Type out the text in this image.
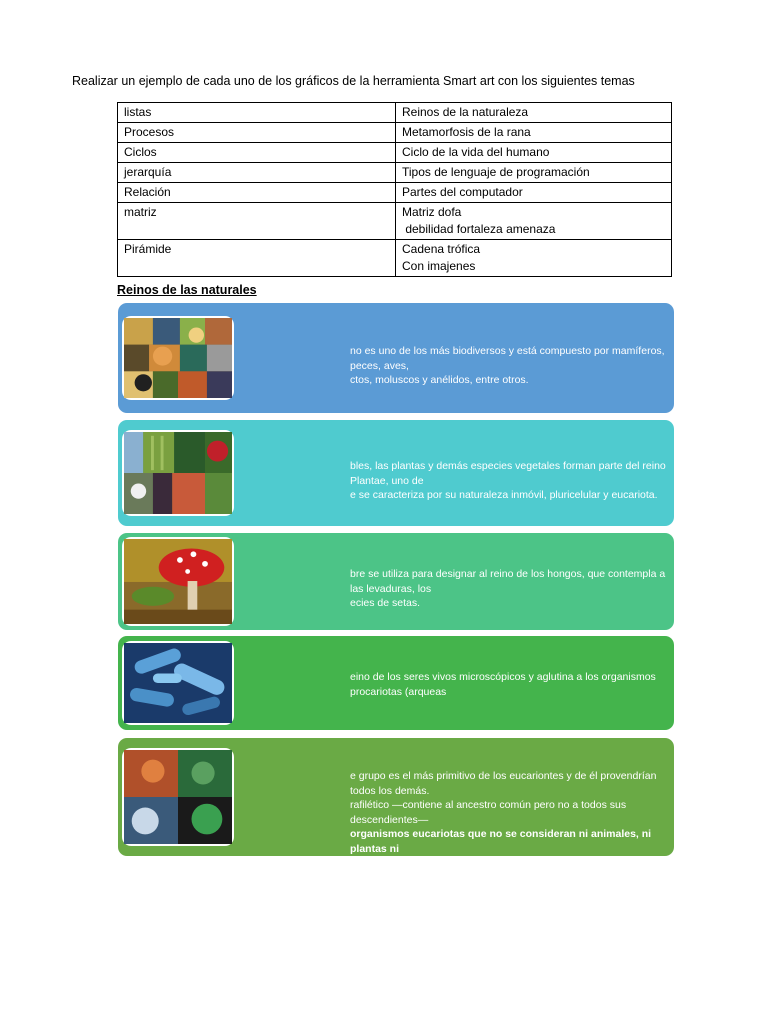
Realizar un ejemplo de cada uno de los gráficos de la herramienta Smart art con los siguientes temas
listas	Reinos de la naturaleza
Procesos	Metamorfosis de la rana
Ciclos	Ciclo de la vida del humano
jerarquía	Tipos de lenguaje de programación
Relación	Partes del computador
matriz	Matriz dofa
debilidad fortaleza amenaza

Pirámide	Cadena trófica
Con imajenes
Reinos de las naturales
no es uno de los más biodiversos y está compuesto por mamíferos, peces, aves,
ctos, moluscos y anélidos, entre otros.
bles, las plantas y demás especies vegetales forman parte del reino Plantae, uno de
e se caracteriza por su naturaleza inmóvil, pluricelular y eucariota.
bre se utiliza para designar al reino de los hongos, que contempla a las levaduras, los
ecies de setas.
eino de los seres vivos microscópicos y aglutina a los organismos procariotas (arqueas
e grupo es el más primitivo de los eucariontes y de él provendrían todos los demás.
rafilético —contiene al ancestro común pero no a todos sus descendientes—
organismos eucariotas que no se consideran ni animales, ni plantas ni
tozoos
